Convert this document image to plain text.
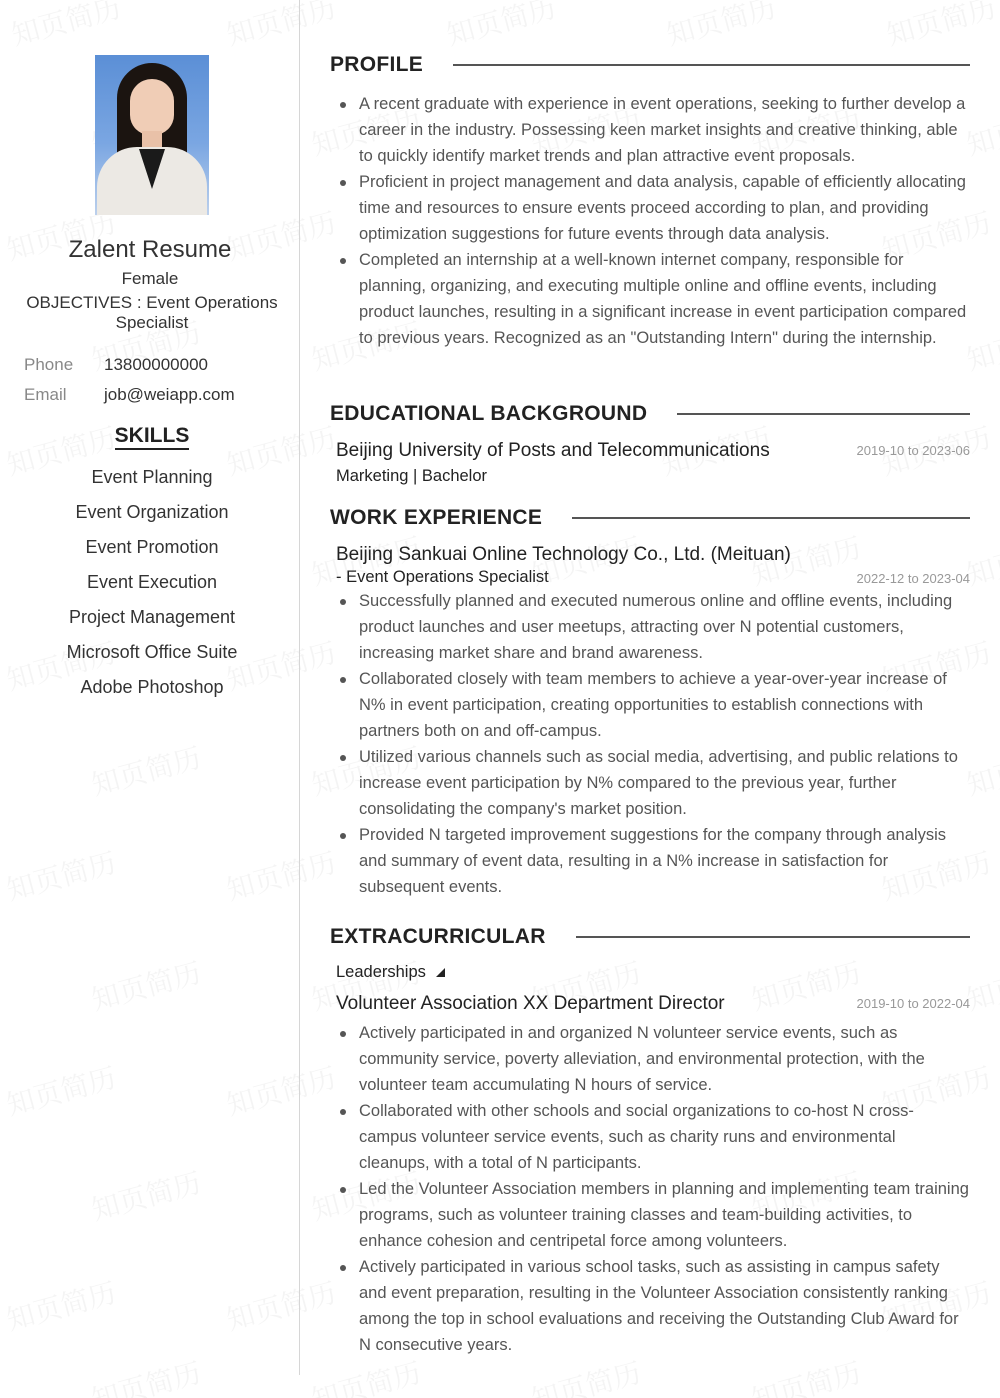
Zalent Resume
Female
OBJECTIVES : Event Operations Specialist
Phone 13800000000
Email job@weiapp.com
SKILLS
Event Planning
Event Organization
Event Promotion
Event Execution
Project Management
Microsoft Office Suite
Adobe Photoshop
PROFILE
A recent graduate with experience in event operations, seeking to further develop a career in the industry. Possessing keen market insights and creative thinking, able to quickly identify market trends and plan attractive event proposals.
Proficient in project management and data analysis, capable of efficiently allocating time and resources to ensure events proceed according to plan, and providing optimization suggestions for future events through data analysis.
Completed an internship at a well-known internet company, responsible for planning, organizing, and executing multiple online and offline events, including product launches, resulting in a significant increase in event participation compared to previous years. Recognized as an "Outstanding Intern" during the internship.
EDUCATIONAL BACKGROUND
Beijing University of Posts and Telecommunications	2019-10 to 2023-06
Marketing | Bachelor
WORK EXPERIENCE
Beijing Sankuai Online Technology Co., Ltd. (Meituan)
- Event Operations Specialist	2022-12 to 2023-04
Successfully planned and executed numerous online and offline events, including product launches and user meetups, attracting over N potential customers, increasing market share and brand awareness.
Collaborated closely with team members to achieve a year-over-year increase of N% in event participation, creating opportunities to establish connections with partners both on and off-campus.
Utilized various channels such as social media, advertising, and public relations to increase event participation by N% compared to the previous year, further consolidating the company's market position.
Provided N targeted improvement suggestions for the company through analysis and summary of event data, resulting in a N% increase in satisfaction for subsequent events.
EXTRACURRICULAR
Leaderships
Volunteer Association XX Department Director	2019-10 to 2022-04
Actively participated in and organized N volunteer service events, such as community service, poverty alleviation, and environmental protection, with the volunteer team accumulating N hours of service.
Collaborated with other schools and social organizations to co-host N cross-campus volunteer service events, such as charity runs and environmental cleanups, with a total of N participants.
Led the Volunteer Association members in planning and implementing team training programs, such as volunteer training classes and team-building activities, to enhance cohesion and centripetal force among volunteers.
Actively participated in various school tasks, such as assisting in campus safety and event preparation, resulting in the Volunteer Association consistently ranking among the top in school evaluations and receiving the Outstanding Club Award for N consecutive years.
